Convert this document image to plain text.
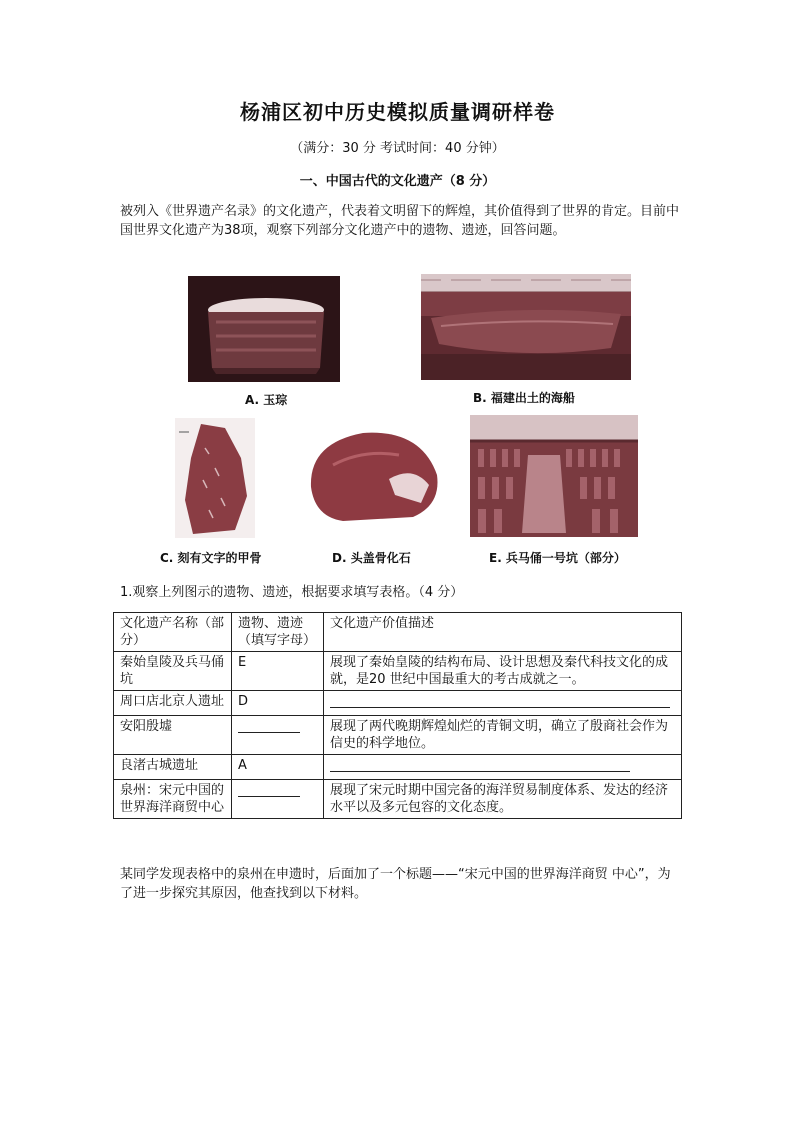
杨浦区初中历史模拟质量调研样卷
（满分：30 分 考试时间：40 分钟）
一、中国古代的文化遗产（8 分）
被列入《世界遗产名录》的文化遗产，代表着文明留下的辉煌，其价值得到了世界的肯定。目前中国世界文化遗产为38项，观察下列部分文化遗产中的遗物、遗迹，回答问题。
A. 玉琮	B. 福建出土的海船
C. 刻有文字的甲骨	D. 头盖骨化石	E. 兵马俑一号坑（部分）
1.观察上列图示的遗物、遗迹，根据要求填写表格。（4 分）
文化遗产名称（部分）	遗物、遗迹（填写字母）	文化遗产价值描述
秦始皇陵及兵马俑坑	E	展现了秦始皇陵的结构布局、设计思想及秦代科技文化的成就，是20 世纪中国最重大的考古成就之一。
周口店北京人遗址	D	
安阳殷墟		展现了两代晚期辉煌灿烂的青铜文明，确立了殷商社会作为信史的科学地位。
良渚古城遗址	A	
泉州：宋元中国的世界海洋商贸中心		展现了宋元时期中国完备的海洋贸易制度体系、发达的经济水平以及多元包容的文化态度。
某同学发现表格中的泉州在申遗时，后面加了一个标题——“宋元中国的世界海洋商贸 中心”，为了进一步探究其原因，他查找到以下材料。
